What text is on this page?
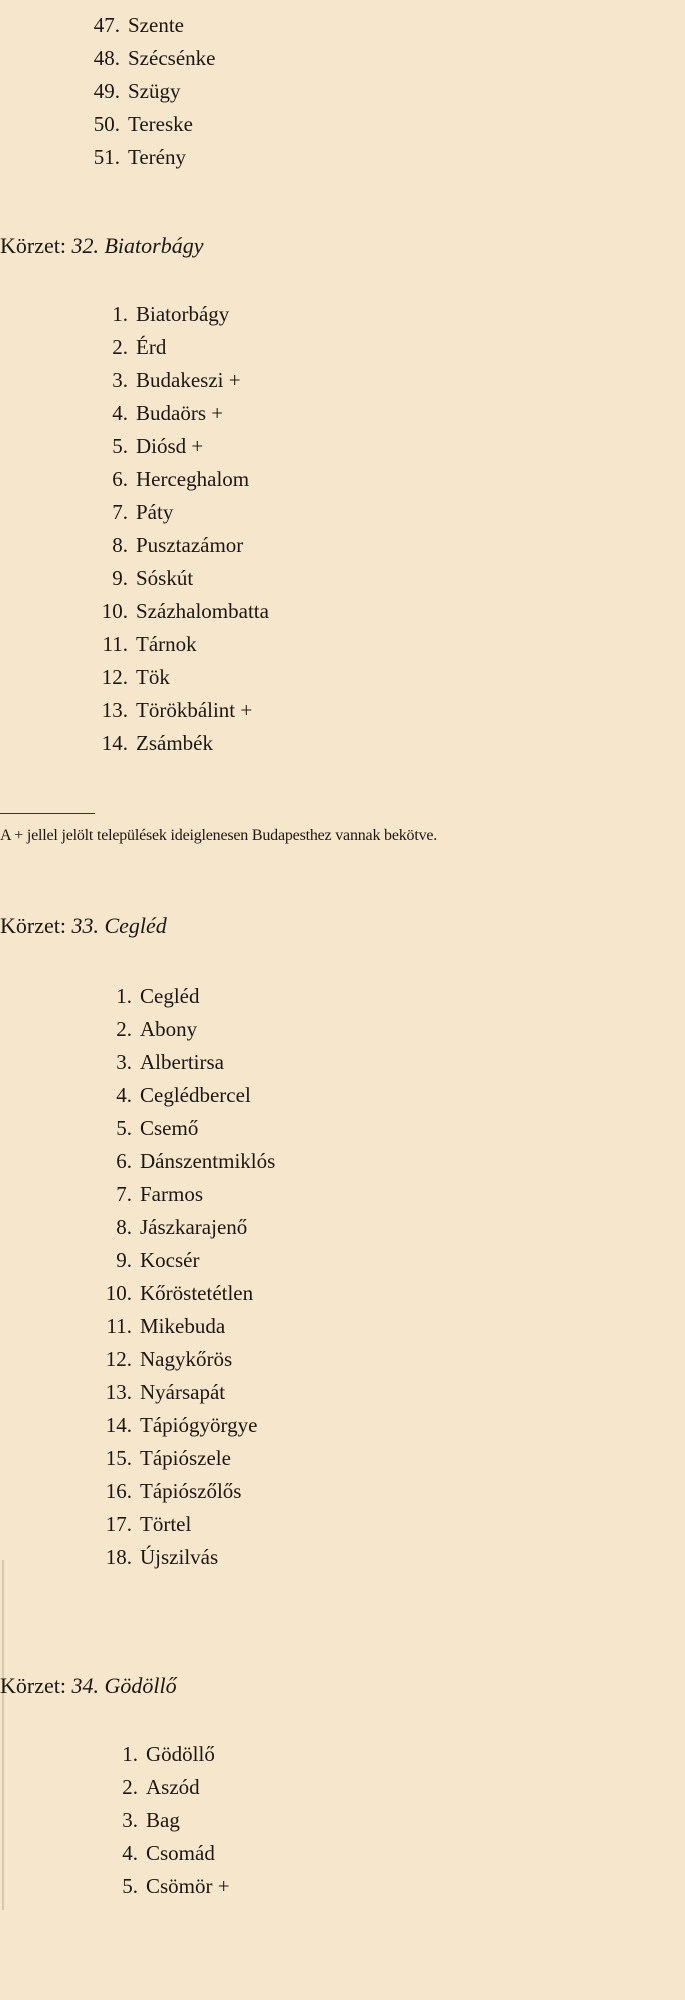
47. Szente
48. Szécsénke
49. Szügy
50. Tereske
51. Terény
Körzet: 32. Biatorbágy
1. Biatorbágy
2. Érd
3. Budakeszi +
4. Budaörs +
5. Diósd +
6. Herceghalom
7. Páty
8. Pusztazámor
9. Sóskút
10. Százhalombatta
11. Tárnok
12. Tök
13. Törökbálint +
14. Zsámbék
A + jellel jelölt települések ideiglenesen Budapesthez vannak bekötve.
Körzet: 33. Cegléd
1. Cegléd
2. Abony
3. Albertirsa
4. Ceglédbercel
5. Csemő
6. Dánszentmiklós
7. Farmos
8. Jászkarajenő
9. Kocsér
10. Kőröstetétlen
11. Mikebuda
12. Nagykőrös
13. Nyársapát
14. Tápiógyörgye
15. Tápiószele
16. Tápiószőlős
17. Törtel
18. Újszilvás
Körzet: 34. Gödöllő
1. Gödöllő
2. Aszód
3. Bag
4. Csomád
5. Csömör +
